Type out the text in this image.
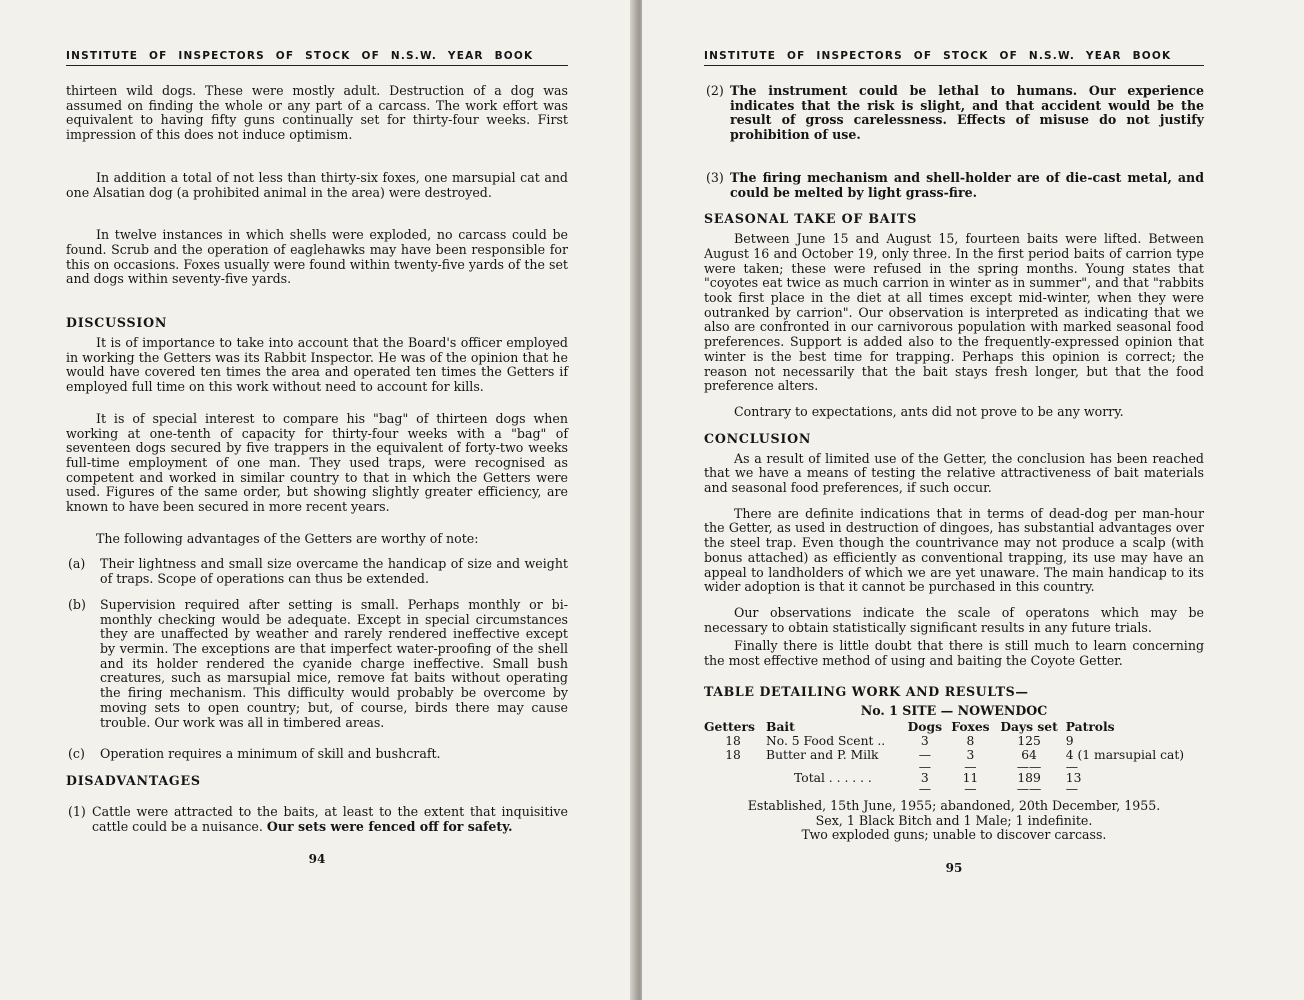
INSTITUTE OF INSPECTORS OF STOCK OF N.S.W. YEAR BOOK

thirteen wild dogs. These were mostly adult. Destruction of a dog was assumed on finding the whole or any part of a carcass. The work effort was equivalent to having fifty guns continually set for thirty-four weeks. First impression of this does not induce optimism.

In addition a total of not less than thirty-six foxes, one marsupial cat and one Alsatian dog (a prohibited animal in the area) were destroyed.

In twelve instances in which shells were exploded, no carcass could be found. Scrub and the operation of eaglehawks may have been responsible for this on occasions. Foxes usually were found within twenty-five yards of the set and dogs within seventy-five yards.

DISCUSSION

It is of importance to take into account that the Board's officer employed in working the Getters was its Rabbit Inspector. He was of the opinion that he would have covered ten times the area and operated ten times the Getters if employed full time on this work without need to account for kills.

It is of special interest to compare his "bag" of thirteen dogs when working at one-tenth of capacity for thirty-four weeks with a "bag" of seventeen dogs secured by five trappers in the equivalent of forty-two weeks full-time employment of one man. They used traps, were recognised as competent and worked in similar country to that in which the Getters were used. Figures of the same order, but showing slightly greater efficiency, are known to have been secured in more recent years.

The following advantages of the Getters are worthy of note:

(a)	Their lightness and small size overcame the handicap of size and weight of traps. Scope of operations can thus be extended.
(b)	Supervision required after setting is small. Perhaps monthly or bi-monthly checking would be adequate. Except in special circumstances they are unaffected by weather and rarely rendered ineffective except by vermin. The exceptions are that imperfect water-proofing of the shell and its holder rendered the cyanide charge ineffective. Small bush creatures, such as marsupial mice, remove fat baits without operating the firing mechanism. This difficulty would probably be overcome by moving sets to open country; but, of course, birds there may cause trouble. Our work was all in timbered areas.
(c)	Operation requires a minimum of skill and bushcraft.
DISADVANTAGES
(1) Cattle were attracted to the baits, at least to the extent that inquisitive cattle could be a nuisance. Our sets were fenced off for safety.
94
INSTITUTE OF INSPECTORS OF STOCK OF N.S.W. YEAR BOOK
(2) The instrument could be lethal to humans. Our experience indicates that the risk is slight, and that accident would be the result of gross carelessness. Effects of misuse do not justify prohibition of use.
(3) The firing mechanism and shell-holder are of die-cast metal, and could be melted by light grass-fire.
SEASONAL TAKE OF BAITS

Between June 15 and August 15, fourteen baits were lifted. Between August 16 and October 19, only three. In the first period baits of carrion type were taken; these were refused in the spring months. Young states that "coyotes eat twice as much carrion in winter as in summer", and that "rabbits took first place in the diet at all times except mid-winter, when they were outranked by carrion". Our observation is interpreted as indicating that we also are confronted in our carnivorous population with marked seasonal food preferences. Support is added also to the frequently-expressed opinion that winter is the best time for trapping. Perhaps this opinion is correct; the reason not necessarily that the bait stays fresh longer, but that the food preference alters.

Contrary to expectations, ants did not prove to be any worry.

CONCLUSION

As a result of limited use of the Getter, the conclusion has been reached that we have a means of testing the relative attractiveness of bait materials and seasonal food preferences, if such occur.

There are definite indications that in terms of dead-dog per man-hour the Getter, as used in destruction of dingoes, has substantial advantages over the steel trap. Even though the countrivance may not produce a scalp (with bonus attached) as efficiently as conventional trapping, its use may have an appeal to landholders of which we are yet unaware. The main handicap to its wider adoption is that it cannot be purchased in this country.

Our observations indicate the scale of operatons which may be necessary to obtain statistically significant results in any future trials.

Finally there is little doubt that there is still much to learn concerning the most effective method of using and baiting the Coyote Getter.

TABLE DETAILING WORK AND RESULTS—
No. 1 SITE — NOWENDOC
Getters	Bait	Dogs	Foxes	Days set	Patrols
18	No. 5 Food Scent ..	3	8	125	9
18	Butter and P. Milk	—	3	64	4 (1 marsupial cat)
		—	—	——	—
	Total . . . . . .	3	11	189	13
		—	—	——	—

Established, 15th June, 1955; abandoned, 20th December, 1955.

Sex, 1 Black Bitch and 1 Male; 1 indefinite.

Two exploded guns; unable to discover carcass.

95
